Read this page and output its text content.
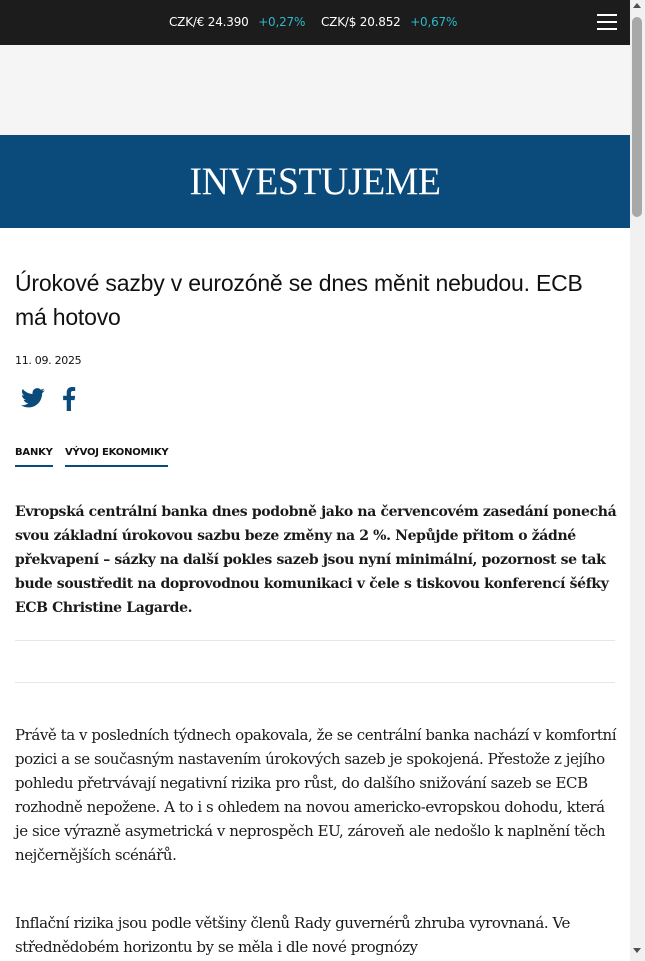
CZK/€ 24.390 +0,27% CZK/$ 20.852 +0,67%
INVESTUJEME
Úrokové sazby v eurozóně se dnes měnit nebudou. ECB má hotovo
11. 09. 2025
BANKY VÝVOJ EKONOMIKY

Evropská centrální banka dnes podobně jako na červencovém zasedání ponechá svou základní úrokovou sazbu beze změny na 2 %. Nepůjde přitom o žádné překvapení – sázky na další pokles sazeb jsou nyní minimální, pozornost se tak bude soustředit na doprovodnou komunikaci v čele s tiskovou konferencí šéfky ECB Christine Lagarde.

Právě ta v posledních týdnech opakovala, že se centrální banka nachází v komfortní pozici a se současným nastavením úrokových sazeb je spokojená. Přestože z jejího pohledu přetrvávají negativní rizika pro růst, do dalšího snižování sazeb se ECB rozhodně nepožene. A to i s ohledem na novou americko-evropskou dohodu, která je sice výrazně asymetrická v neprospěch EU, zároveň ale nedošlo k naplnění těch nejčernějších scénářů.

Inflační rizika jsou podle většiny členů Rady guvernérů zhruba vyrovnaná. Ve střednědobém horizontu by se měla i dle nové prognózy
